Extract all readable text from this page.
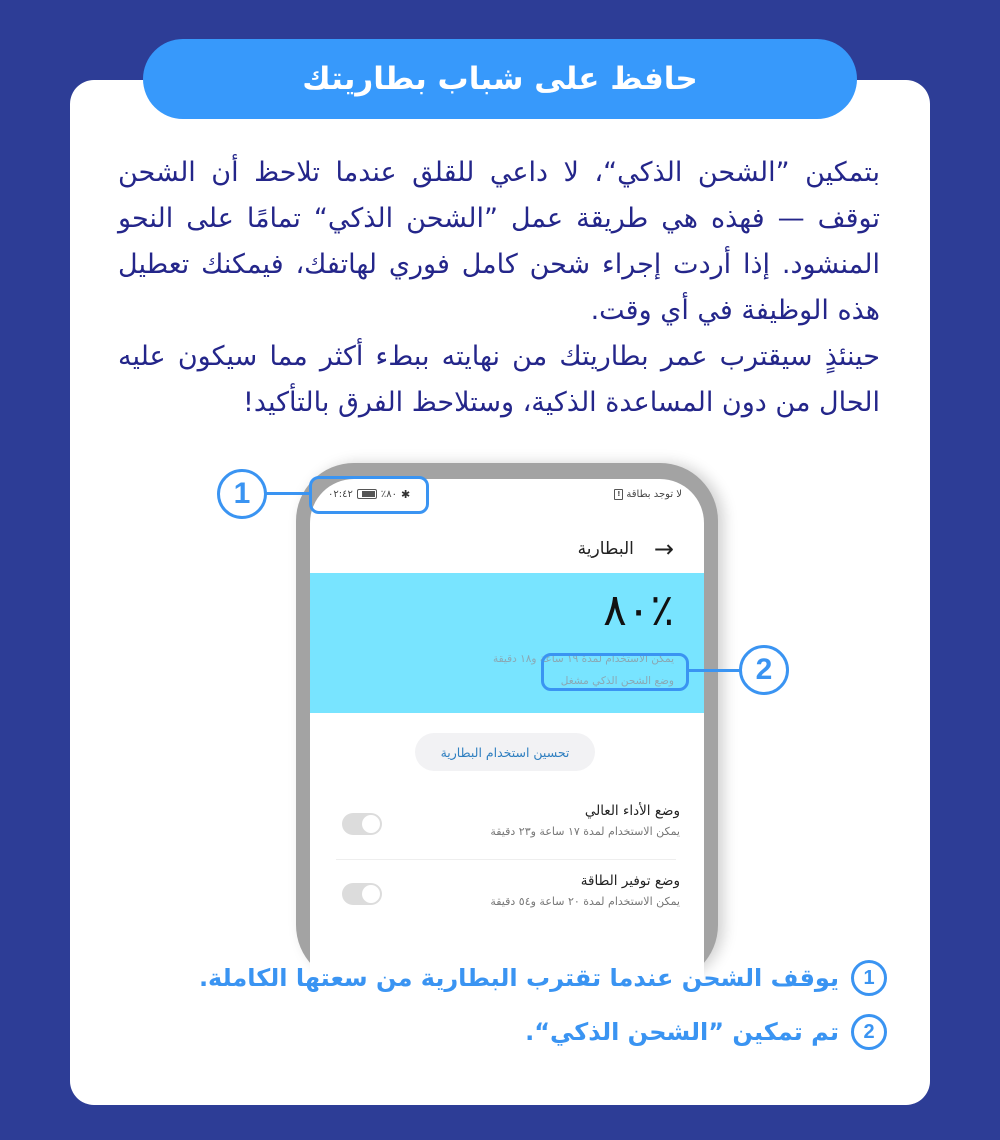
حافظ على شباب بطاريتك

بتمكين ”الشحن الذكي“، لا داعي للقلق عندما تلاحظ أن الشحن توقف — فهذه هي طريقة عمل ”الشحن الذكي“ تمامًا على النحو المنشود. إذا أردت إجراء شحن كامل فوري لهاتفك، فيمكنك تعطيل هذه الوظيفة في أي وقت.

حينئذٍ سيقترب عمر بطاريتك من نهايته ببطء أكثر مما سيكون عليه الحال من دون المساعدة الذكية، وستلاحظ الفرق بالتأكيد!

٠٢:٤٢	٪٨٠ ✱	لا توجد بطاقة
!
→
البطارية
٪٨٠
يمكن الاستخدام لمدة ١٩ ساعة و١٨ دقيقة
وضع الشحن الذكي مشغل
تحسين استخدام البطارية
وضع الأداء العالي
يمكن الاستخدام لمدة ١٧ ساعة و٢٣ دقيقة
وضع توفير الطاقة
يمكن الاستخدام لمدة ٢٠ ساعة و٥٤ دقيقة
1
2
1
يوقف الشحن عندما تقترب البطارية من سعتها الكاملة.
2
تم تمكين ”الشحن الذكي“.
